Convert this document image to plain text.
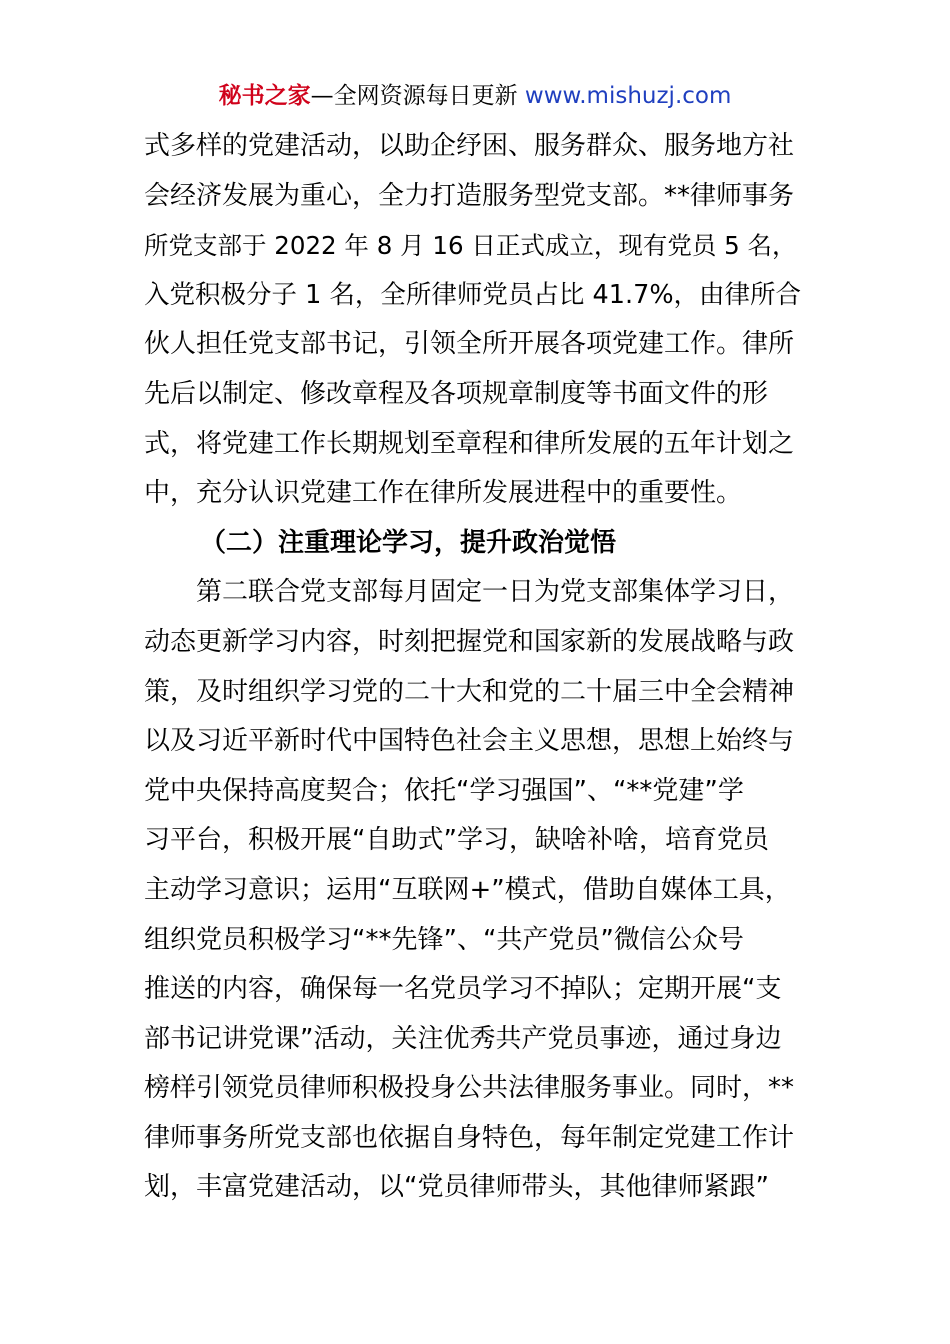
秘书之家—全网资源每日更新 www.mishuzj.com
式多样的党建活动，以助企纾困、服务群众、服务地方社
会经济发展为重心，全力打造服务型党支部。**律师事务
所党支部于 2022 年 8 月 16 日正式成立，现有党员 5 名，
入党积极分子 1 名，全所律师党员占比 41.7%，由律所合
伙人担任党支部书记，引领全所开展各项党建工作。律所
先后以制定、修改章程及各项规章制度等书面文件的形
式，将党建工作长期规划至章程和律所发展的五年计划之
中，充分认识党建工作在律所发展进程中的重要性。
（二）注重理论学习，提升政治觉悟
第二联合党支部每月固定一日为党支部集体学习日，
动态更新学习内容，时刻把握党和国家新的发展战略与政
策，及时组织学习党的二十大和党的二十届三中全会精神
以及习近平新时代中国特色社会主义思想，思想上始终与
党中央保持高度契合；依托“学习强国”、“**党建”学
习平台，积极开展“自助式”学习，缺啥补啥，培育党员
主动学习意识；运用“互联网+”模式，借助自媒体工具，
组织党员积极学习“**先锋”、“共产党员”微信公众号
推送的内容，确保每一名党员学习不掉队；定期开展“支
部书记讲党课”活动，关注优秀共产党员事迹，通过身边
榜样引领党员律师积极投身公共法律服务事业。同时，**
律师事务所党支部也依据自身特色，每年制定党建工作计
划，丰富党建活动，以“党员律师带头，其他律师紧跟”
